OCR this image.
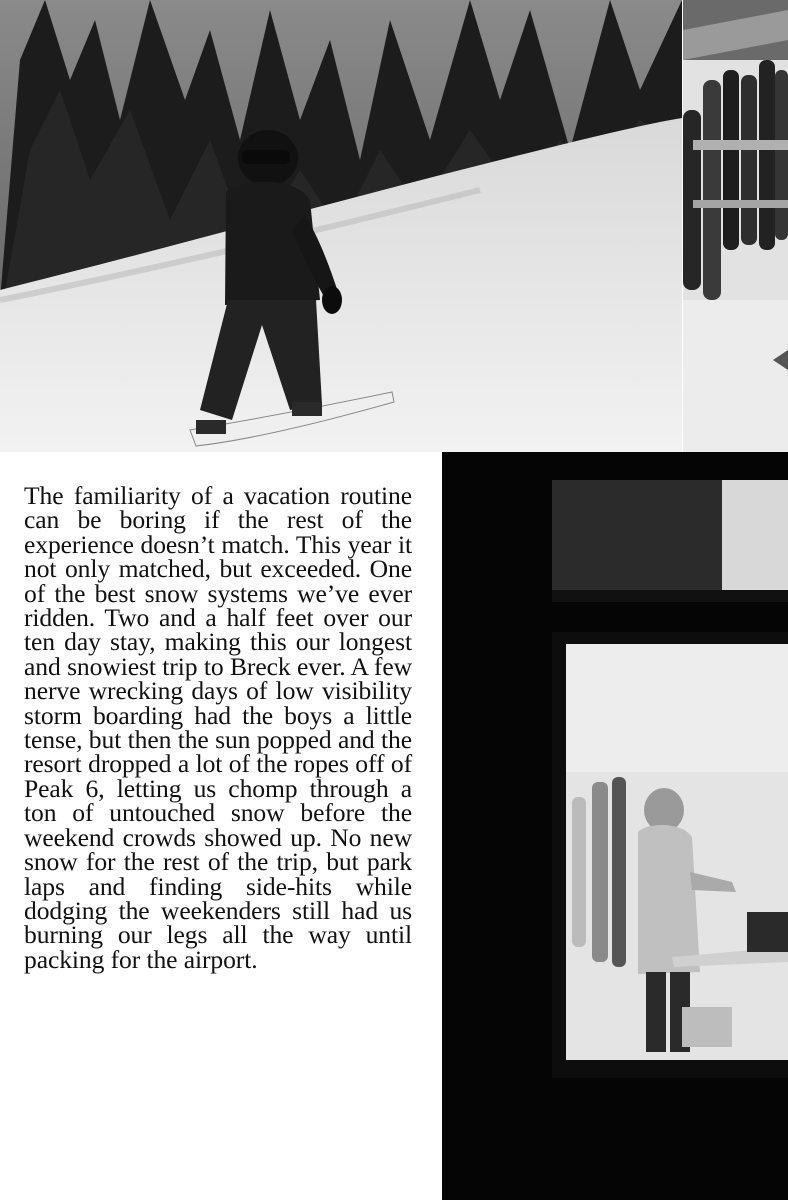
The familiarity of a vacation routine can be boring if the rest of the experience doesn’t match. This year it not only matched, but exceeded. One of the best snow systems we’ve ever ridden. Two and a half feet over our ten day stay, making this our longest and snowiest trip to Breck ever. A few nerve wrecking days of low visibility storm boarding had the boys a little tense, but then the sun popped and the resort dropped a lot of the ropes off of Peak 6, letting us chomp through a ton of untouched snow before the weekend crowds showed up. No new snow for the rest of the trip, but park laps and finding side-hits while dodging the weekenders still had us burning our legs all the way until packing for the airport.
